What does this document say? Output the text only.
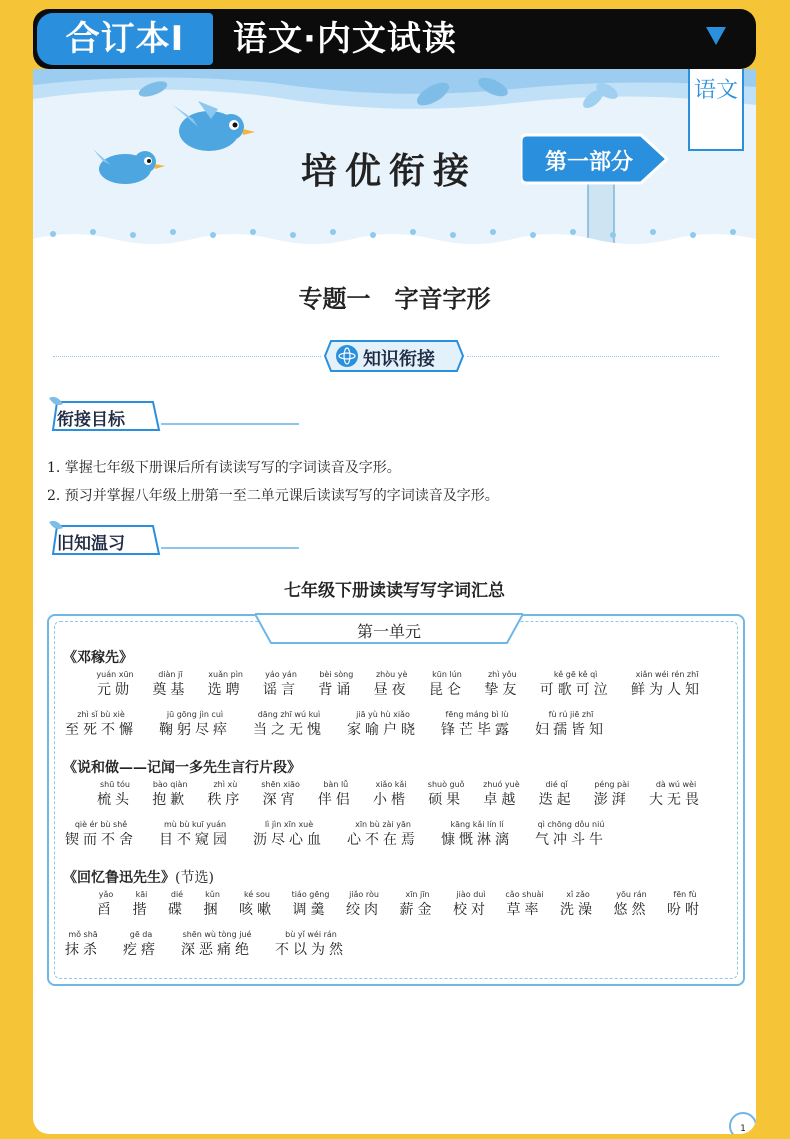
合订本I	语文·内文试读
培优衔接	第一部分
语文
专题一　字音字形
知识衔接
衔接目标
1. 掌握七年级下册课后所有读读写写的字词读音及字形。
2. 预习并掌握八年级上册第一至二单元课后读读写写的字词读音及字形。
旧知温习
七年级下册读读写写字词汇总
第一单元
《邓稼先》
yuán xūn
元勋
diàn jī
奠基
xuǎn pìn
选聘
yáo yán
谣言
bèi sòng
背诵
zhòu yè
昼夜
kūn lún
昆仑
zhì yǒu
挚友
kě gē kě qì
可歌可泣
xiǎn wéi rén zhī
鲜为人知
zhì sǐ bù xiè
至死不懈
jū gōng jìn cuì
鞠躬尽瘁
dāng zhī wú kuì
当之无愧
jiā yù hù xiǎo
家喻户晓
fēng máng bì lù
锋芒毕露
fù rú jiē zhī
妇孺皆知
《说和做——记闻一多先生言行片段》
shū tóu
梳头
bào qiàn
抱歉
zhì xù
秩序
shēn xiāo
深宵
bàn lǚ
伴侣
xiǎo kǎi
小楷
shuò guǒ
硕果
zhuó yuè
卓越
dié qǐ
迭起
péng pài
澎湃
dà wú wèi
大无畏
qiè ér bù shě
锲而不舍
mù bù kuī yuán
目不窥园
lì jìn xīn xuè
沥尽心血
xīn bù zài yān
心不在焉
kāng kǎi lín lí
慷慨淋漓
qì chōng dǒu niú
气冲斗牛
《回忆鲁迅先生》(节选)
yǎo
舀
kāi
揩
dié
碟
kǔn
捆
ké sou
咳嗽
tiáo gēng
调羹
jiǎo ròu
绞肉
xīn jīn
薪金
jiào duì
校对
cǎo shuài
草率
xǐ zǎo
洗澡
yōu rán
悠然
fēn fù
吩咐
mǒ shā
抹杀
gē da
疙瘩
shēn wù tòng jué
深恶痛绝
bù yǐ wéi rán
不以为然
1
